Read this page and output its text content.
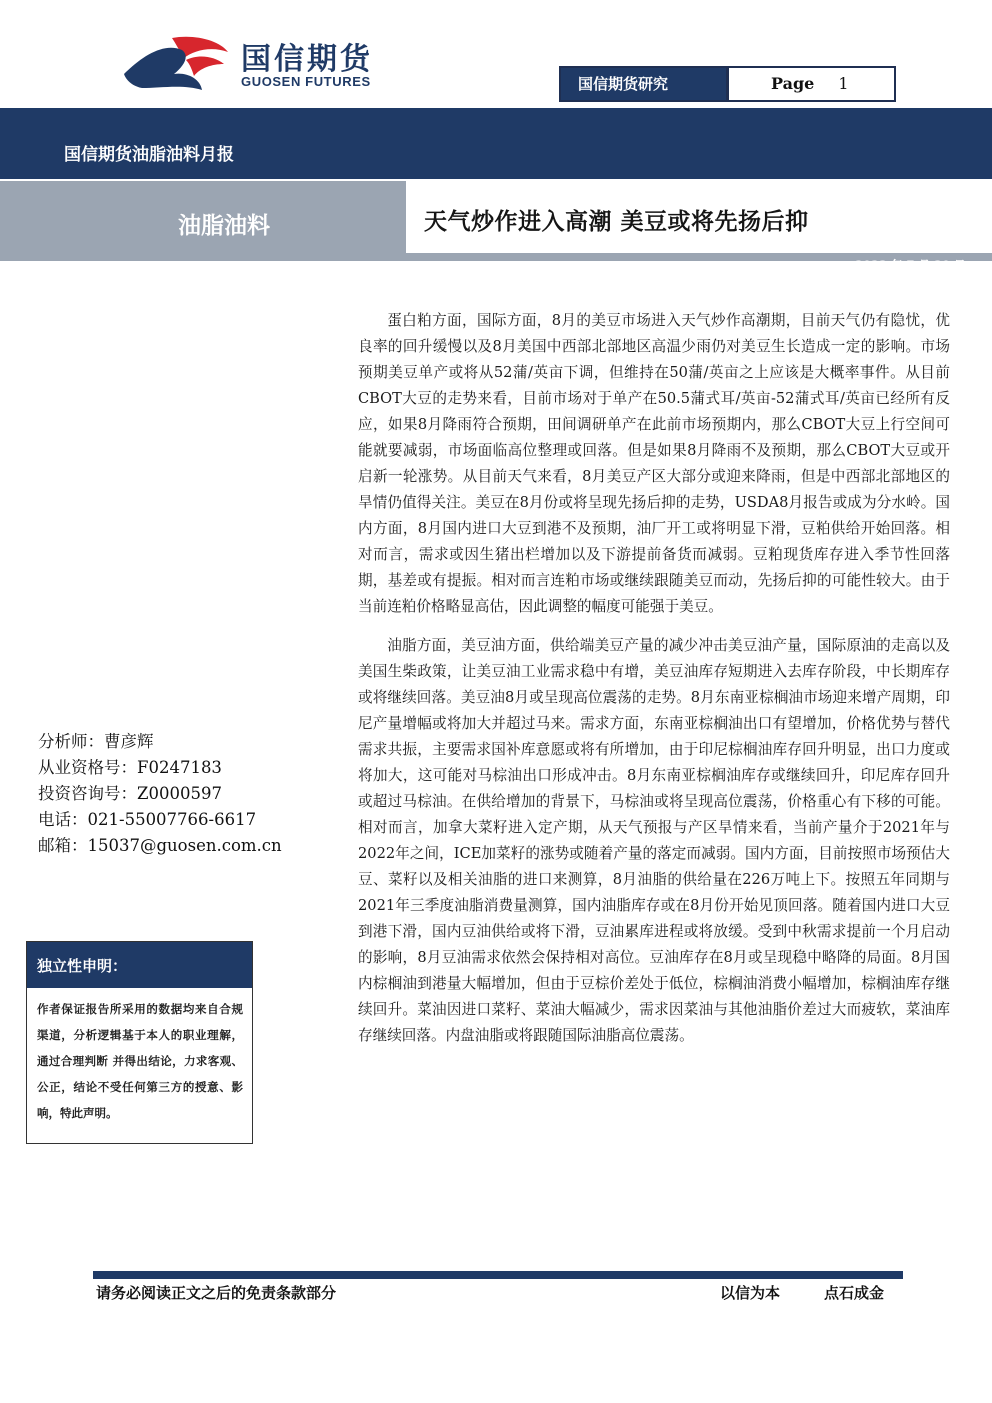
国信期货
GUOSEN FUTURES	国信期货研究	Page 1
国信期货油脂油料月报
油脂油料	天气炒作进入高潮 美豆或将先扬后抑
2023 年 7 月 30 日

蛋白粕方面，国际方面，8月的美豆市场进入天气炒作高潮期，目前天气仍有隐忧，优良率的回升缓慢以及8月美国中西部北部地区高温少雨仍对美豆生长造成一定的影响。市场预期美豆单产或将从52蒲/英亩下调，但维持在50蒲/英亩之上应该是大概率事件。从目前CBOT大豆的走势来看，目前市场对于单产在50.5蒲式耳/英亩-52蒲式耳/英亩已经所有反应，如果8月降雨符合预期，田间调研单产在此前市场预期内，那么CBOT大豆上行空间可能就要减弱，市场面临高位整理或回落。但是如果8月降雨不及预期，那么CBOT大豆或开启新一轮涨势。从目前天气来看，8月美豆产区大部分或迎来降雨，但是中西部北部地区的旱情仍值得关注。美豆在8月份或将呈现先扬后抑的走势，USDA8月报告或成为分水岭。国内方面，8月国内进口大豆到港不及预期，油厂开工或将明显下滑，豆粕供给开始回落。相对而言，需求或因生猪出栏增加以及下游提前备货而减弱。豆粕现货库存进入季节性回落期，基差或有提振。相对而言连粕市场或继续跟随美豆而动，先扬后抑的可能性较大。由于当前连粕价格略显高估，因此调整的幅度可能强于美豆。

油脂方面，美豆油方面，供给端美豆产量的减少冲击美豆油产量，国际原油的走高以及美国生柴政策，让美豆油工业需求稳中有增，美豆油库存短期进入去库存阶段，中长期库存或将继续回落。美豆油8月或呈现高位震荡的走势。8月东南亚棕榈油市场迎来增产周期，印尼产量增幅或将加大并超过马来。需求方面，东南亚棕榈油出口有望增加，价格优势与替代需求共振，主要需求国补库意愿或将有所增加，由于印尼棕榈油库存回升明显，出口力度或将加大，这可能对马棕油出口形成冲击。8月东南亚棕榈油库存或继续回升，印尼库存回升或超过马棕油。在供给增加的背景下，马棕油或将呈现高位震荡，价格重心有下移的可能。相对而言，加拿大菜籽进入定产期，从天气预报与产区旱情来看，当前产量介于2021年与2022年之间，ICE加菜籽的涨势或随着产量的落定而减弱。国内方面，目前按照市场预估大豆、菜籽以及相关油脂的进口来测算，8月油脂的供给量在226万吨上下。按照五年同期与2021年三季度油脂消费量测算，国内油脂库存或在8月份开始见顶回落。随着国内进口大豆到港下滑，国内豆油供给或将下滑，豆油累库进程或将放缓。受到中秋需求提前一个月启动的影响，8月豆油需求依然会保持相对高位。豆油库存在8月或呈现稳中略降的局面。8月国内棕榈油到港量大幅增加，但由于豆棕价差处于低位，棕榈油消费小幅增加，棕榈油库存继续回升。菜油因进口菜籽、菜油大幅减少，需求因菜油与其他油脂价差过大而疲软，菜油库存继续回落。内盘油脂或将跟随国际油脂高位震荡。

分析师：曹彦辉
从业资格号：F0247183
投资咨询号：Z0000597
电话：021-55007766-6617
邮箱：15037@guosen.com.cn
独立性申明：
作者保证报告所采用的数据均来自合规渠道，分析逻辑基于本人的职业理解，通过合理判断 并得出结论，力求客观、公正，结论不受任何第三方的授意、影响，特此声明。
请务必阅读正文之后的免责条款部分	以信为本	点石成金
